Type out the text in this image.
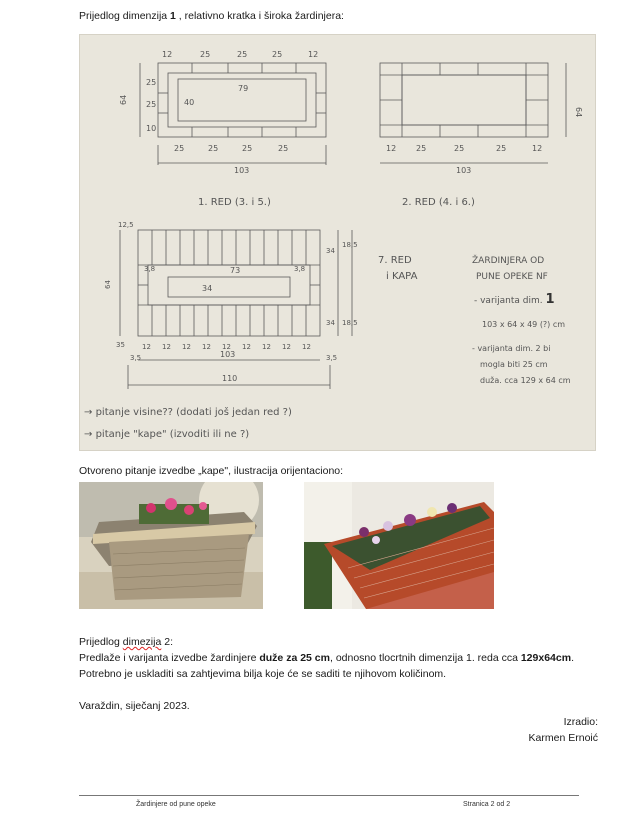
Prijedlog dimenzija 1 , relativno kratka i široka žardinjera:
12	25	25	25	12
64
25
25
10
79
40
25	25	25	25
103
1. RED (3. i 5.)
12 25	25	25	12
64
103
2. RED (4. i 6.)
12,5
64
35
73
34
3,8	3,8
34
18,5
34 18,5
12 12 12 12 12 12 12 12 12
103
3,5	3,5
110
7. RED
i KAPA
ŽARDINJERA OD
PUNE OPEKE NF
- varijanta dim. 1
103 x 64 x 49 (?) cm
- varijanta dim. 2 bi
mogla biti 25 cm
duža. cca 129 x 64 cm
→ pitanje visine?? (dodati još jedan red ?)
→ pitanje "kape" (izvoditi ili ne ?)
Otvoreno pitanje izvedbe „kape", ilustracija orijentaciono:
Prijedlog dimezija 2:
Predlaže i varijanta izvedbe žardinjere duže za 25 cm, odnosno tlocrtnih dimenzija 1. reda cca 129x64cm.
Potrebno je uskladiti sa zahtjevima bilja koje će se saditi te njihovom količinom.
Varaždin, siječanj 2023.
Izradio:
Karmen Ernoić
Žardinjere od pune opeke	Stranica 2 od 2
